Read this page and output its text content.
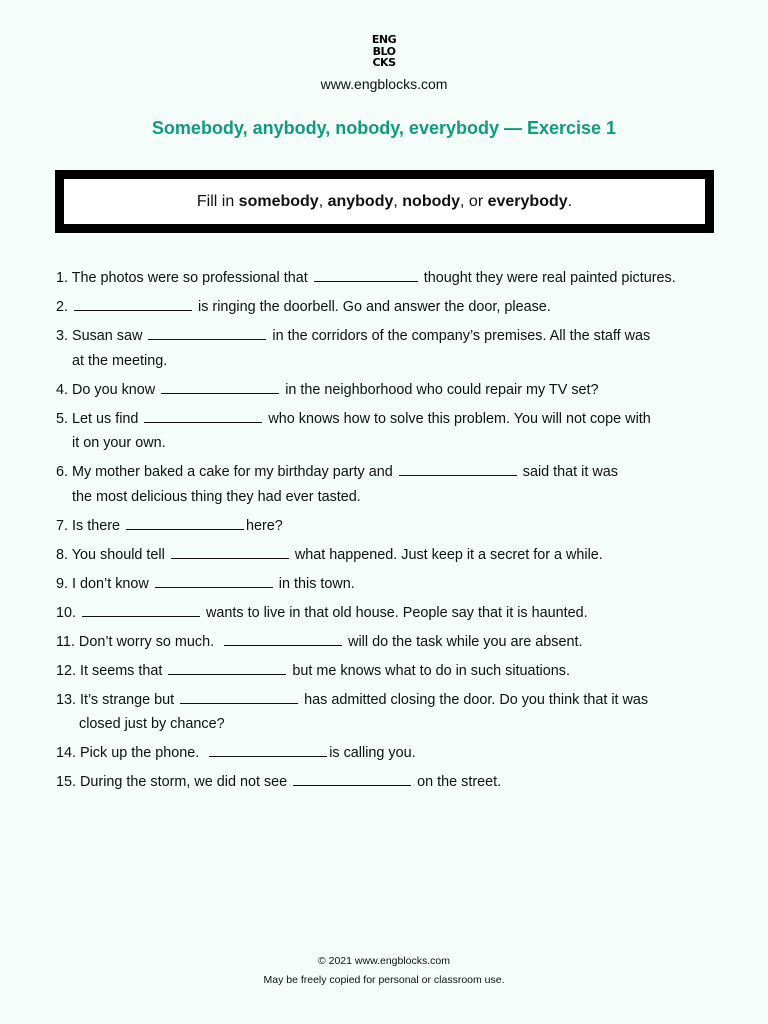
ENG
BLO
CKS
www.engblocks.com
Somebody, anybody, nobody, everybody — Exercise 1
Fill in somebody , anybody , nobody , or everybody .
1. The photos were so professional that	thought they were real painted pictures.
2.	is ringing the doorbell. Go and answer the door, please.
3. Susan saw	in the corridors of the company’s premises. All the staff was
at the meeting.
4. Do you know	in the neighborhood who could repair my TV set?
5. Let us find	who knows how to solve this problem. You will not cope with
it on your own.
6. My mother baked a cake for my birthday party and	said that it was
the most delicious thing they had ever tasted.
7. Is there	here?
8. You should tell	what happened. Just keep it a secret for a while.
9. I don’t know	in this town.
10.	wants to live in that old house. People say that it is haunted.
11. Don’t worry so much.	will do the task while you are absent.
12. It seems that	but me knows what to do in such situations.
13. It’s strange but	has admitted closing the door. Do you think that it was
closed just by chance?
14. Pick up the phone.	is calling you.
15. During the storm, we did not see	on the street.
© 2021 www.engblocks.com
May be freely copied for personal or classroom use.
